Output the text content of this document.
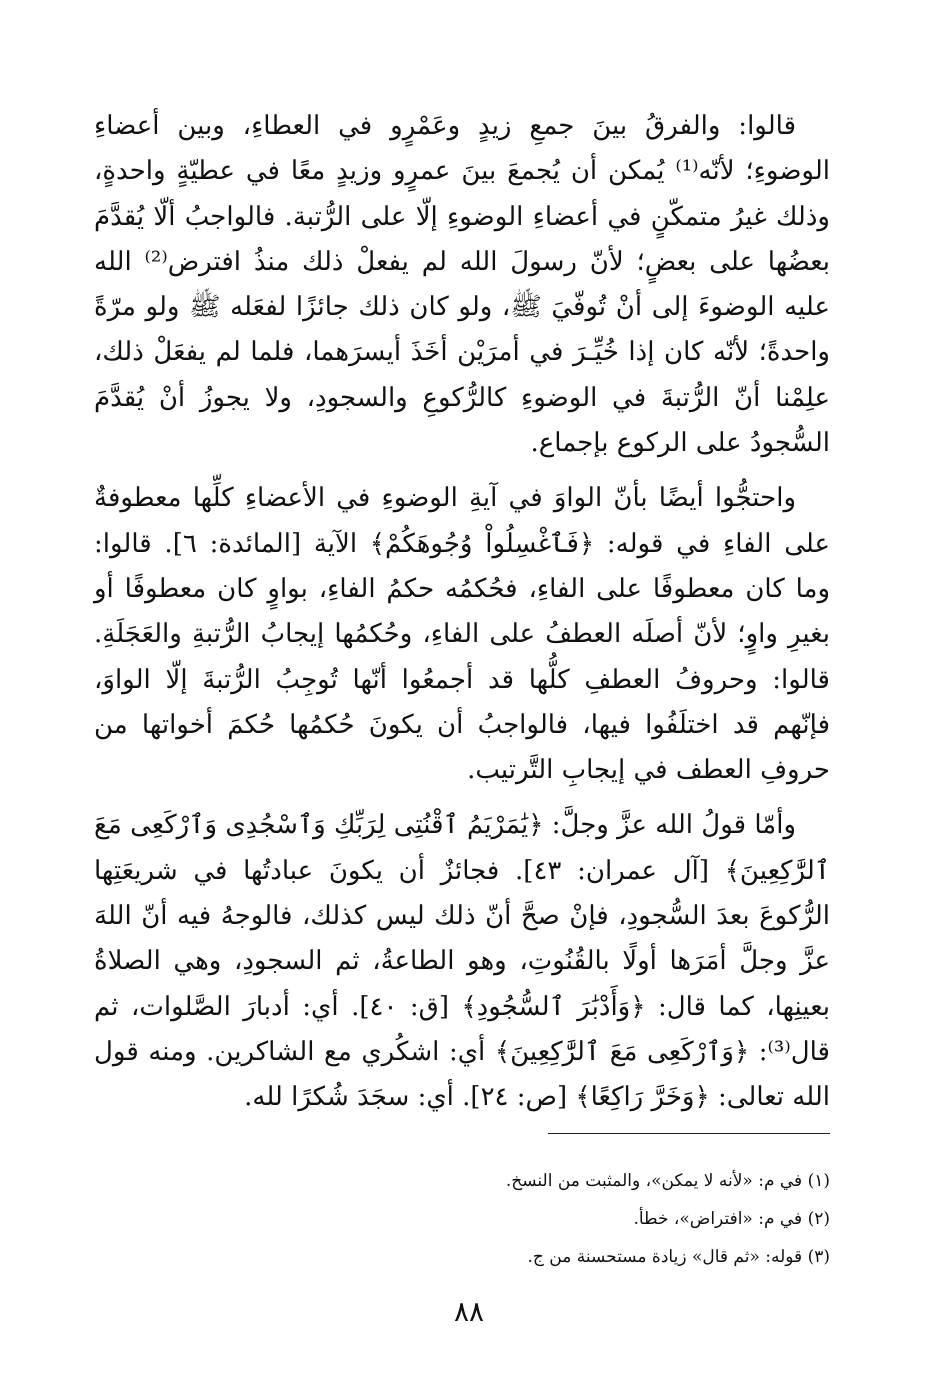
قالوا: والفرقُ بينَ جمعِ زيدٍ وعَمْرٍو في العطاءِ، وبين أعضاءِ الوضوءِ؛ لأنّه⁽¹⁾ يُمكن أن يُجمعَ بينَ عمرٍو وزيدٍ معًا في عطيّةٍ واحدةٍ، وذلك غيرُ متمكّنٍ في أعضاءِ الوضوءِ إلّا على الرُّتبة. فالواجبُ ألّا يُقدَّمَ بعضُها على بعضٍ؛ لأنّ رسولَ الله لم يفعلْ ذلك منذُ افترض⁽²⁾ الله عليه الوضوءَ إلى أنْ تُوفّيَ ﷺ، ولو كان ذلك جائزًا لفعَله ﷺ ولو مرّةً واحدةً؛ لأنّه كان إذا خُيِّـرَ في أمرَيْن أخَذَ أيسرَهما، فلما لم يفعَلْ ذلك، علِمْنا أنّ الرُّتبةَ في الوضوءِ كالرُّكوعِ والسجودِ، ولا يجوزُ أنْ يُقدَّمَ السُّجودُ على الركوع بإجماع.

واحتجُّوا أيضًا بأنّ الواوَ في آيةِ الوضوءِ في الأعضاءِ كلِّها معطوفةٌ على الفاءِ في قوله: ﴿فَٱغْسِلُواْ وُجُوهَكُمْ﴾ الآية [المائدة: ٦]. قالوا: وما كان معطوفًا على الفاءِ، فحُكمُه حكمُ الفاءِ، بواوٍ كان معطوفًا أو بغيرِ واوٍ؛ لأنّ أصلَه العطفُ على الفاءِ، وحُكمُها إيجابُ الرُّتبةِ والعَجَلَةِ. قالوا: وحروفُ العطفِ كلُّها قد أجمعُوا أنّها تُوجِبُ الرُّتبةَ إلّا الواوَ، فإنّهم قد اختلَفُوا فيها، فالواجبُ أن يكونَ حُكمُها حُكمَ أخواتها من حروفِ العطف في إيجابِ التَّرتيب.

وأمّا قولُ الله عزَّ وجلَّ: ﴿يَٰمَرْيَمُ ٱقْنُتِى لِرَبِّكِ وَٱسْجُدِى وَٱرْكَعِى مَعَ ٱلرَّٰكِعِينَ﴾ [آل عمران: ٤٣]. فجائزٌ أن يكونَ عبادتُها في شريعَتِها الرُّكوعَ بعدَ السُّجودِ، فإنْ صحَّ أنّ ذلك ليس كذلك، فالوجهُ فيه أنّ اللهَ عزَّ وجلَّ أمَرَها أولًا بالقُنُوتِ، وهو الطاعةُ، ثم السجودِ، وهي الصلاةُ بعينِها، كما قال: ﴿وَأَدْبَٰرَ ٱلسُّجُودِ﴾ [ق: ٤٠]. أي: أدبارَ الصَّلوات، ثم قال⁽³⁾: ﴿وَٱرْكَعِى مَعَ ٱلرَّٰكِعِينَ﴾ أي: اشكُري مع الشاكرين. ومنه قول الله تعالى: ﴿وَخَرَّ رَاكِعًا﴾ [ص: ٢٤]. أي: سجَدَ شُكرًا لله.

(١) في م: «لأنه لا يمكن»، والمثبت من النسخ.
(٢) في م: «افتراض»، خطأ.
(٣) قوله: «ثم قال» زيادة مستحسنة من ج.
٨٨
